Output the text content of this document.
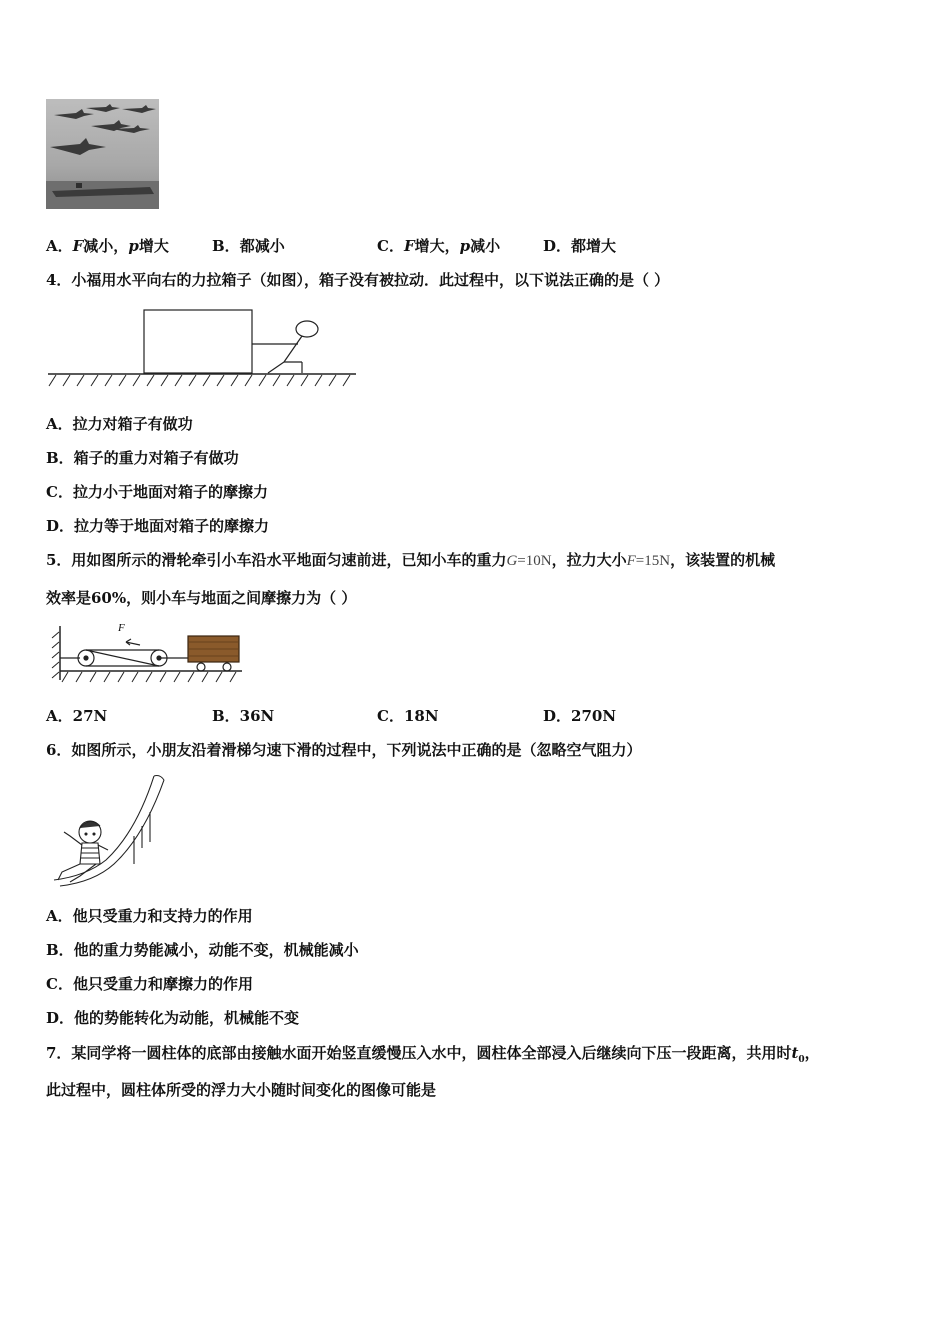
A．F减小，p增大	B．都减小	C．F增大，p减小	D．都增大
4．小福用水平向右的力拉箱子（如图），箱子没有被拉动．此过程中，以下说法正确的是（ ）
A．拉力对箱子有做功
B．箱子的重力对箱子有做功
C．拉力小于地面对箱子的摩擦力
D．拉力等于地面对箱子的摩擦力
5．用如图所示的滑轮牵引小车沿水平地面匀速前进，已知小车的重力G=10N，拉力大小F=15N，该装置的机械
效率是60%，则小车与地面之间摩擦力为（ ）
F
A．27N	B．36N	C．18N	D．270N
6．如图所示，小朋友沿着滑梯匀速下滑的过程中，下列说法中正确的是（忽略空气阻力）
A．他只受重力和支持力的作用
B．他的重力势能减小，动能不变，机械能减小
C．他只受重力和摩擦力的作用
D．他的势能转化为动能，机械能不变
7．某同学将一圆柱体的底部由接触水面开始竖直缓慢压入水中，圆柱体全部浸入后继续向下压一段距离，共用时$t_0$，
此过程中，圆柱体所受的浮力大小随时间变化的图像可能是
